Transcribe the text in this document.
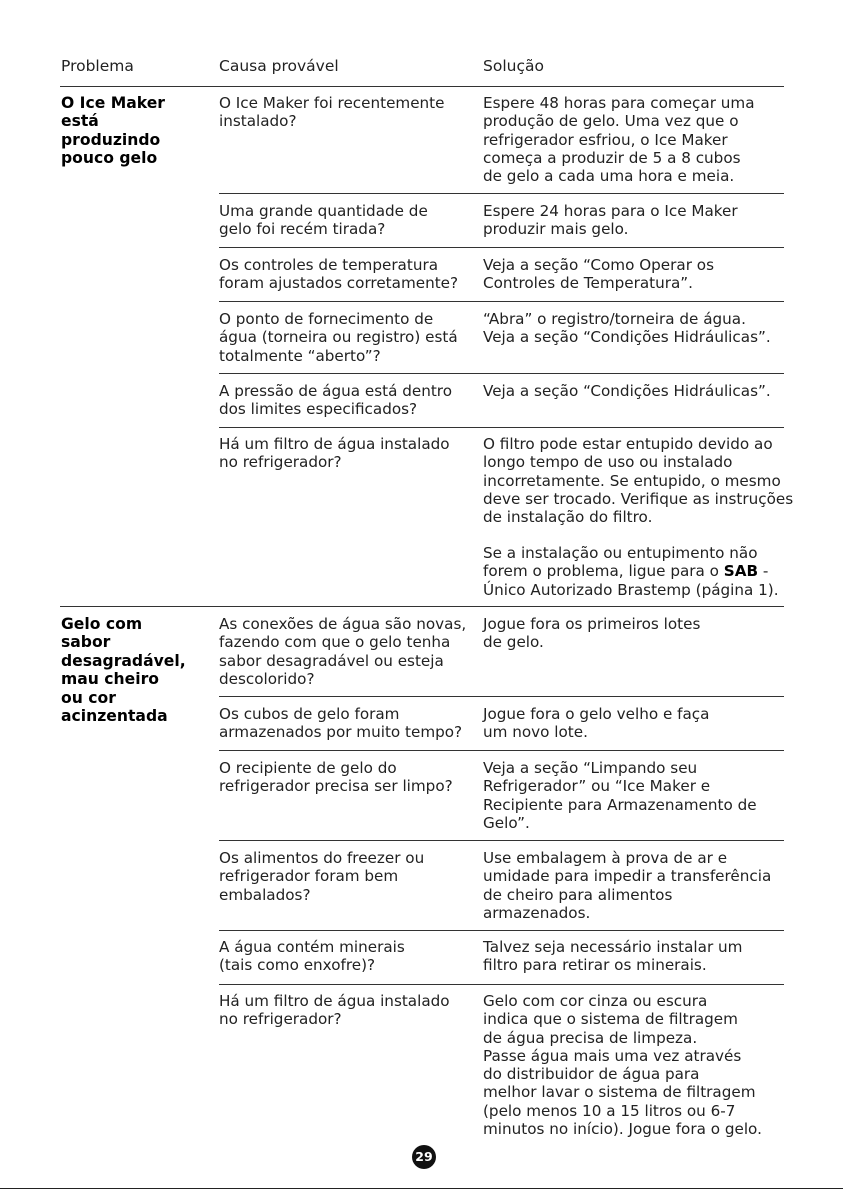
Problema	Causa provável	Solução
O Ice Maker
está
produzindo
pouco gelo
O Ice Maker foi recentemente
instalado?
Espere 48 horas para começar uma
produção de gelo. Uma vez que o
refrigerador esfriou, o Ice Maker
começa a produzir de 5 a 8 cubos
de gelo a cada uma hora e meia.
Uma grande quantidade de
gelo foi recém tirada?
Espere 24 horas para o Ice Maker
produzir mais gelo.
Os controles de temperatura
foram ajustados corretamente?
Veja a seção “Como Operar os
Controles de Temperatura”.
O ponto de fornecimento de
água (torneira ou registro) está
totalmente “aberto”?
“Abra” o registro/torneira de água.
Veja a seção “Condições Hidráulicas”.
A pressão de água está dentro
dos limites especificados?
Veja a seção “Condições Hidráulicas”.
Há um filtro de água instalado
no refrigerador?
O filtro pode estar entupido devido ao
longo tempo de uso ou instalado
incorretamente. Se entupido, o mesmo
deve ser trocado. Verifique as instruções
de instalação do filtro.
Se a instalação ou entupimento não
forem o problema, ligue para o SAB -
Único Autorizado Brastemp (página 1).
Gelo com
sabor
desagradável,
mau cheiro
ou cor
acinzentada
As conexões de água são novas,
fazendo com que o gelo tenha
sabor desagradável ou esteja
descolorido?
Jogue fora os primeiros lotes
de gelo.
Os cubos de gelo foram
armazenados por muito tempo?
Jogue fora o gelo velho e faça
um novo lote.
O recipiente de gelo do
refrigerador precisa ser limpo?
Veja a seção “Limpando seu
Refrigerador” ou “Ice Maker e
Recipiente para Armazenamento de
Gelo”.
Os alimentos do freezer ou
refrigerador foram bem
embalados?
Use embalagem à prova de ar e
umidade para impedir a transferência
de cheiro para alimentos
armazenados.
A água contém minerais
(tais como enxofre)?
Talvez seja necessário instalar um
filtro para retirar os minerais.
Há um filtro de água instalado
no refrigerador?
Gelo com cor cinza ou escura
indica que o sistema de filtragem
de água precisa de limpeza.
Passe água mais uma vez através
do distribuidor de água para
melhor lavar o sistema de filtragem
(pelo menos 10 a 15 litros ou 6-7
minutos no início). Jogue fora o gelo.
29
